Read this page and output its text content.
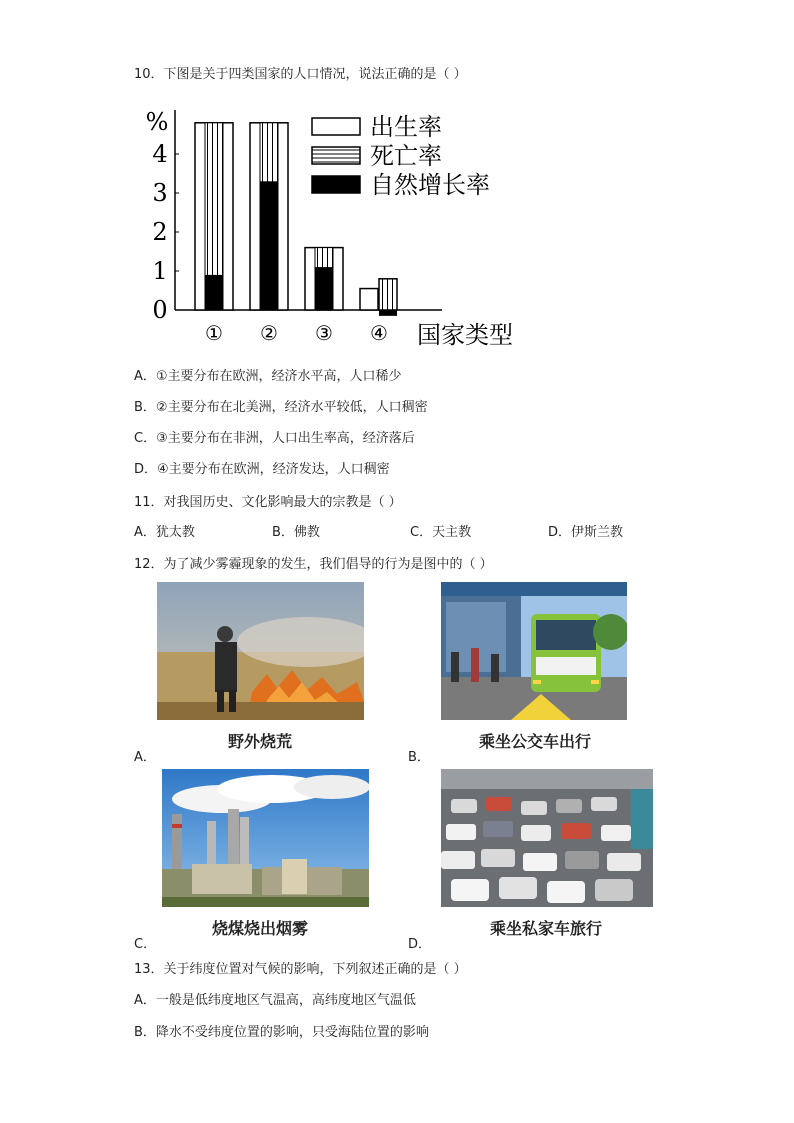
10．下图是关于四类国家的人口情况，说法正确的是（ ）
0
1
2
3
4
%
国家类型
① ② ③ ④
出生率
死亡率
自然增长率
A．①主要分布在欧洲，经济水平高，人口稀少
B．②主要分布在北美洲，经济水平较低，人口稠密
C．③主要分布在非洲，人口出生率高，经济落后
D．④主要分布在欧洲，经济发达，人口稠密
11．对我国历史、文化影响最大的宗教是（ ）
A．犹太教	B．佛教	C．天主教	D．伊斯兰教
12．为了减少雾霾现象的发生，我们倡导的行为是图中的（ ）
A．
野外烧荒
B．
乘坐公交车出行
C．
烧煤烧出烟雾
D．
乘坐私家车旅行
13．关于纬度位置对气候的影响，下列叙述正确的是（ ）
A．一般是低纬度地区气温高，高纬度地区气温低
B．降水不受纬度位置的影响，只受海陆位置的影响
